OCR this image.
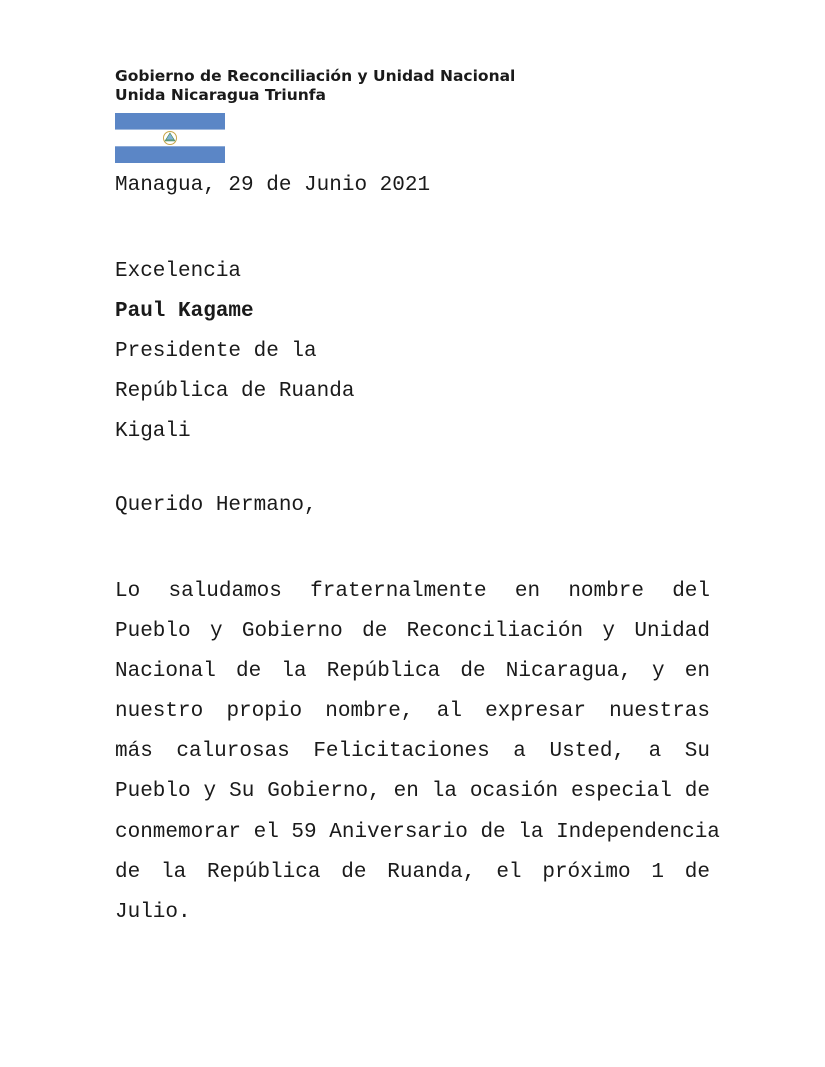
Gobierno de Reconciliación y Unidad Nacional
Unida Nicaragua Triunfa
Managua, 29 de Junio 2021
Excelencia
Paul Kagame
Presidente de la
República de Ruanda
Kigali
Querido Hermano,
Lo saludamos fraternalmente en nombre del
Pueblo y Gobierno de Reconciliación y Unidad
Nacional de la República de Nicaragua, y en
nuestro propio nombre, al expresar nuestras
más calurosas Felicitaciones a Usted, a Su
Pueblo y Su Gobierno, en la ocasión especial de
conmemorar el 59 Aniversario de la Independencia
de la República de Ruanda, el próximo 1 de
Julio.
